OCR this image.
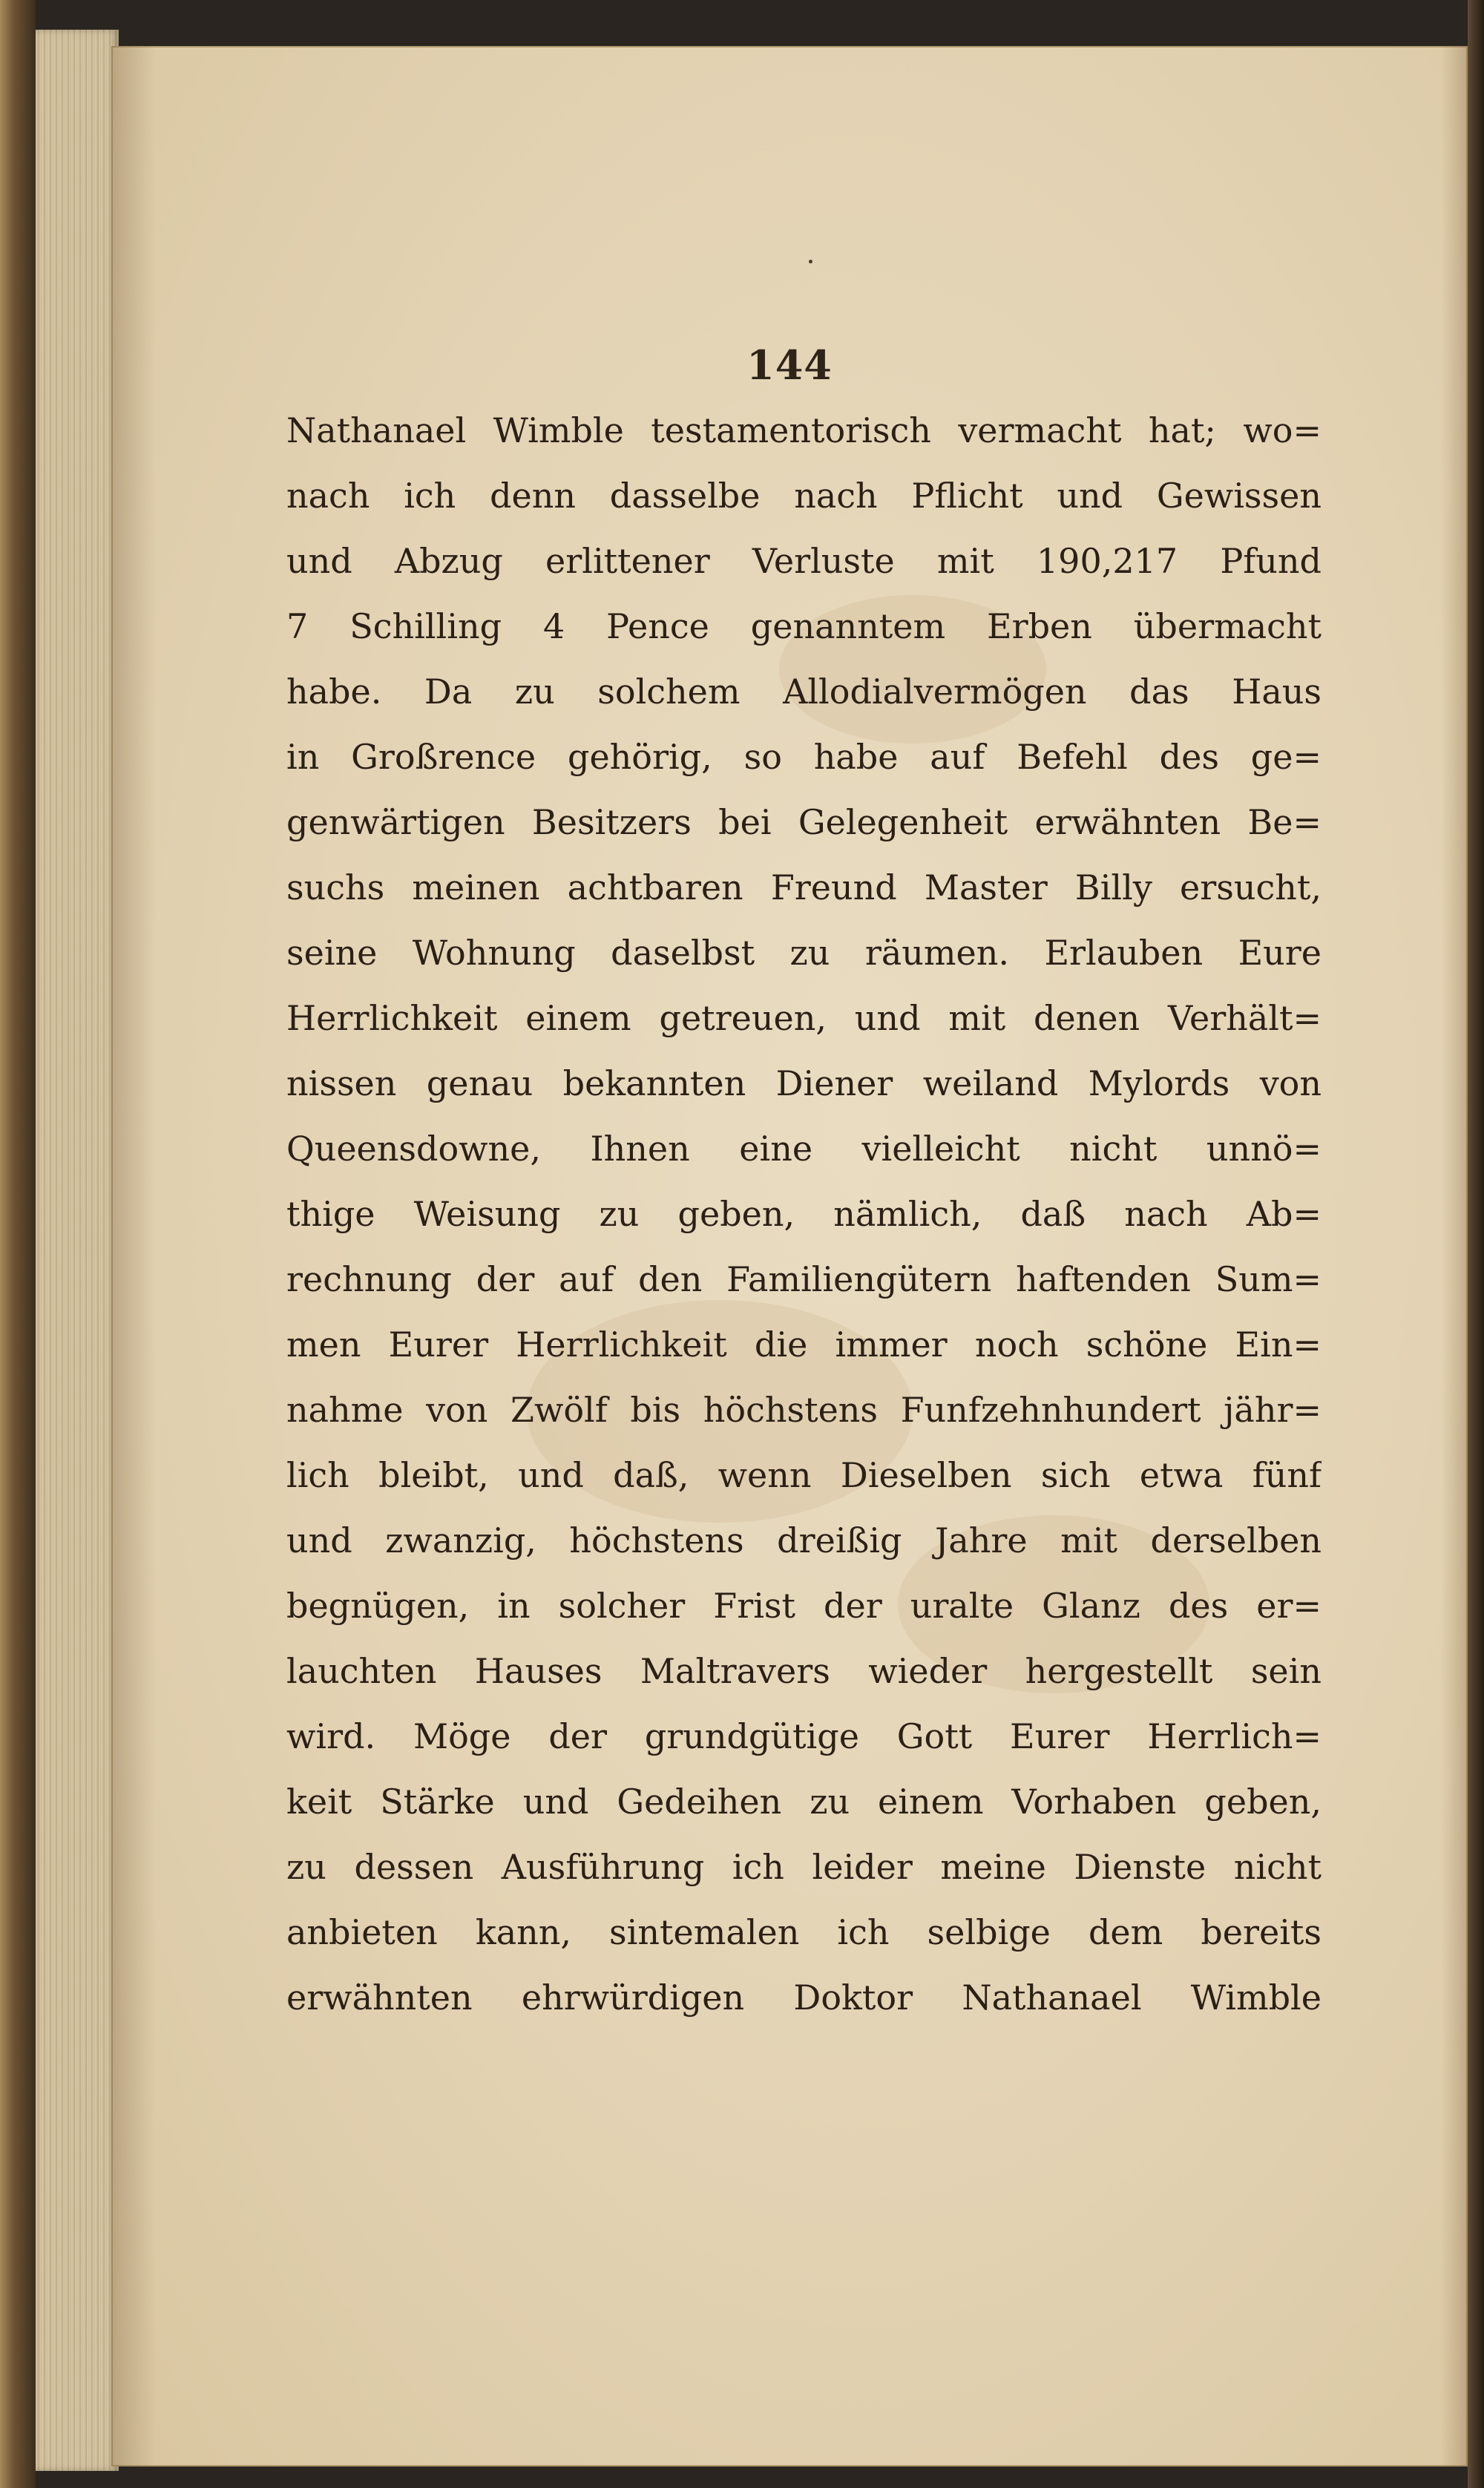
144
Nathanael Wimble testamentorisch vermacht hat; wo=
nach ich denn dasselbe nach Pflicht und Gewissen
und Abzug erlittener Verluste mit 190,217 Pfund
7 Schilling 4 Pence genanntem Erben übermacht
habe. Da zu solchem Allodialvermögen das Haus
in Großrence gehörig, so habe auf Befehl des ge=
genwärtigen Besitzers bei Gelegenheit erwähnten Be=
suchs meinen achtbaren Freund Master Billy ersucht,
seine Wohnung daselbst zu räumen. Erlauben Eure
Herrlichkeit einem getreuen, und mit denen Verhält=
nissen genau bekannten Diener weiland Mylords von
Queensdowne, Ihnen eine vielleicht nicht unnö=
thige Weisung zu geben, nämlich, daß nach Ab=
rechnung der auf den Familiengütern haftenden Sum=
men Eurer Herrlichkeit die immer noch schöne Ein=
nahme von Zwölf bis höchstens Funfzehnhundert jähr=
lich bleibt, und daß, wenn Dieselben sich etwa fünf
und zwanzig, höchstens dreißig Jahre mit derselben
begnügen, in solcher Frist der uralte Glanz des er=
lauchten Hauses Maltravers wieder hergestellt sein
wird. Möge der grundgütige Gott Eurer Herrlich=
keit Stärke und Gedeihen zu einem Vorhaben geben,
zu dessen Ausführung ich leider meine Dienste nicht
anbieten kann, sintemalen ich selbige dem bereits
erwähnten ehrwürdigen Doktor Nathanael Wimble
